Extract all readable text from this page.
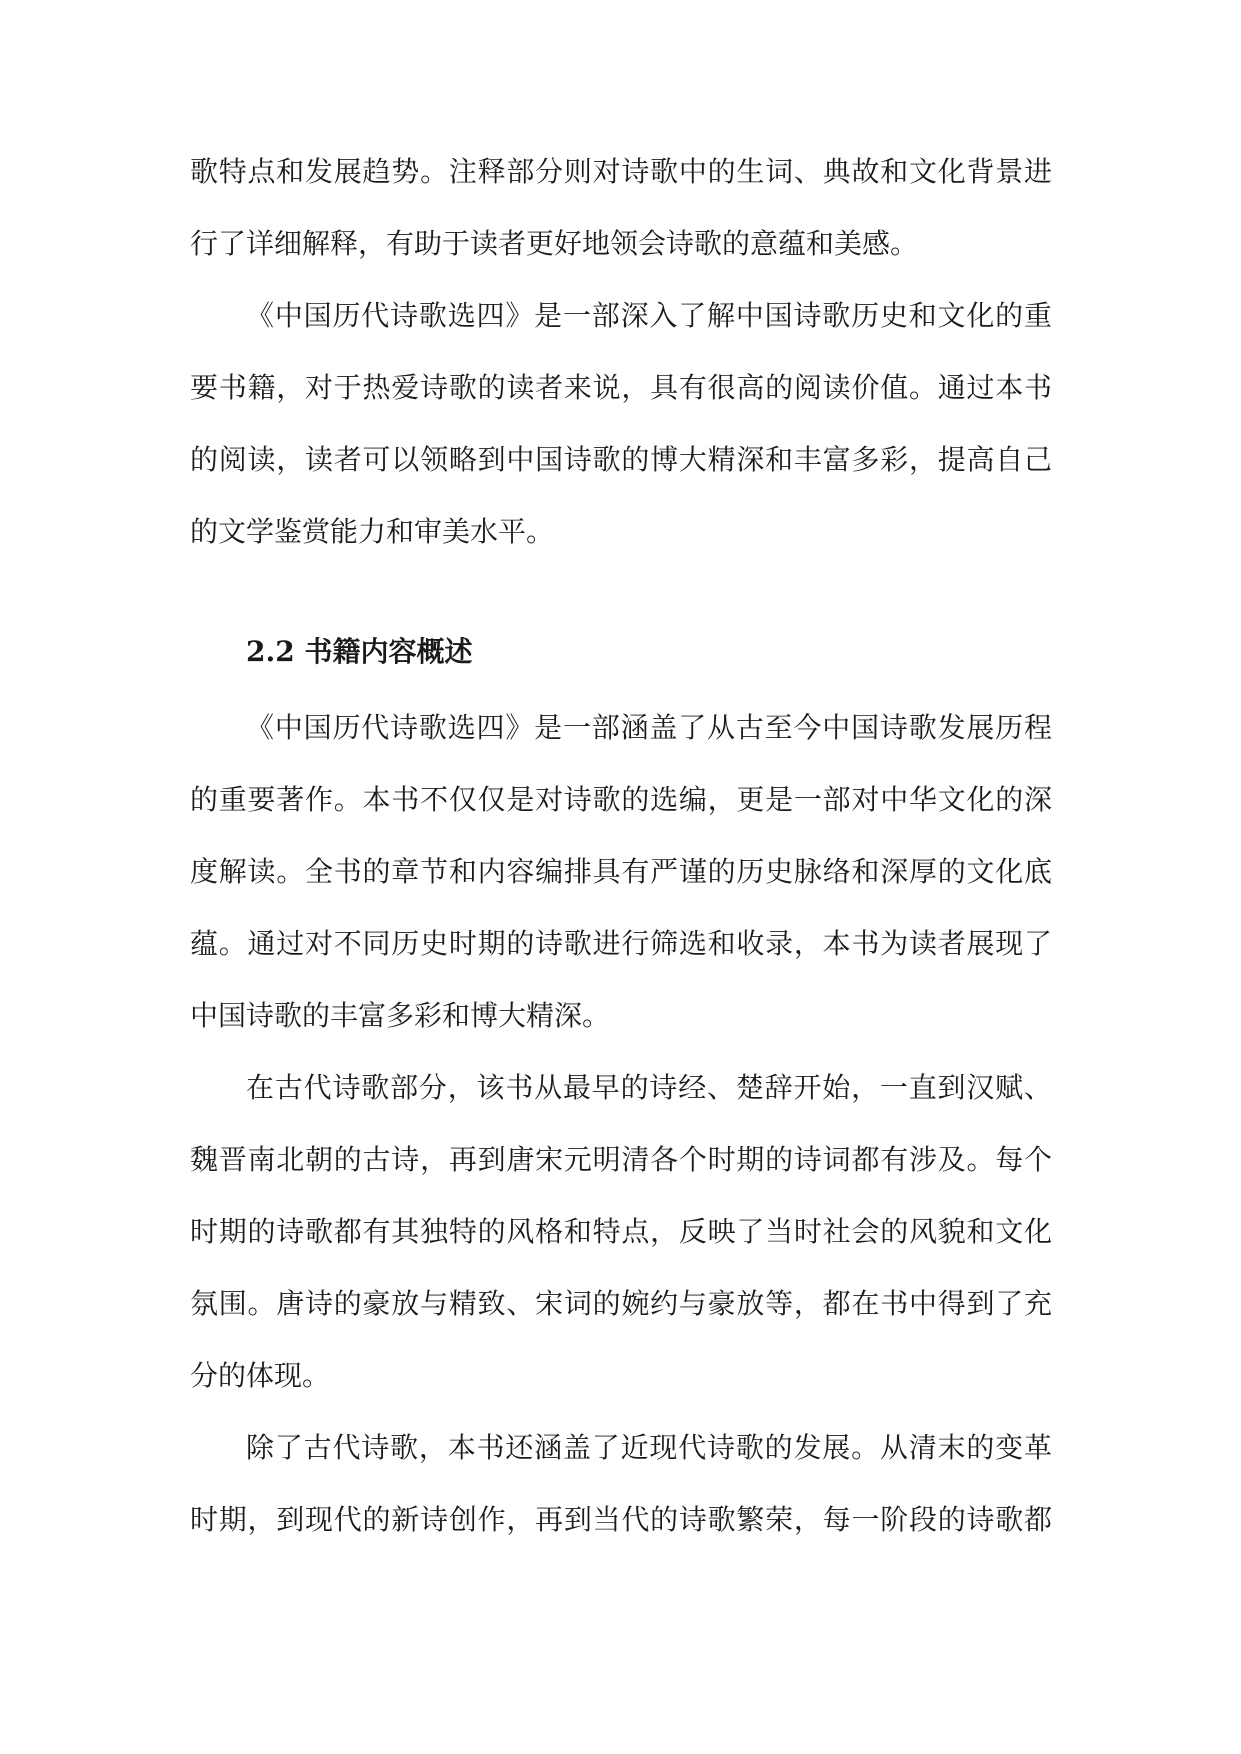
歌特点和发展趋势。注释部分则对诗歌中的生词、典故和文化背景进
行了详细解释，有助于读者更好地领会诗歌的意蕴和美感。
《中国历代诗歌选四》是一部深入了解中国诗歌历史和文化的重
要书籍，对于热爱诗歌的读者来说，具有很高的阅读价值。通过本书
的阅读，读者可以领略到中国诗歌的博大精深和丰富多彩，提高自己
的文学鉴赏能力和审美水平。
2.2 书籍内容概述
《中国历代诗歌选四》是一部涵盖了从古至今中国诗歌发展历程
的重要著作。本书不仅仅是对诗歌的选编，更是一部对中华文化的深
度解读。全书的章节和内容编排具有严谨的历史脉络和深厚的文化底
蕴。通过对不同历史时期的诗歌进行筛选和收录，本书为读者展现了
中国诗歌的丰富多彩和博大精深。
在古代诗歌部分，该书从最早的诗经、楚辞开始，一直到汉赋、
魏晋南北朝的古诗，再到唐宋元明清各个时期的诗词都有涉及。每个
时期的诗歌都有其独特的风格和特点，反映了当时社会的风貌和文化
氛围。唐诗的豪放与精致、宋词的婉约与豪放等，都在书中得到了充
分的体现。
除了古代诗歌，本书还涵盖了近现代诗歌的发展。从清末的变革
时期，到现代的新诗创作，再到当代的诗歌繁荣，每一阶段的诗歌都
